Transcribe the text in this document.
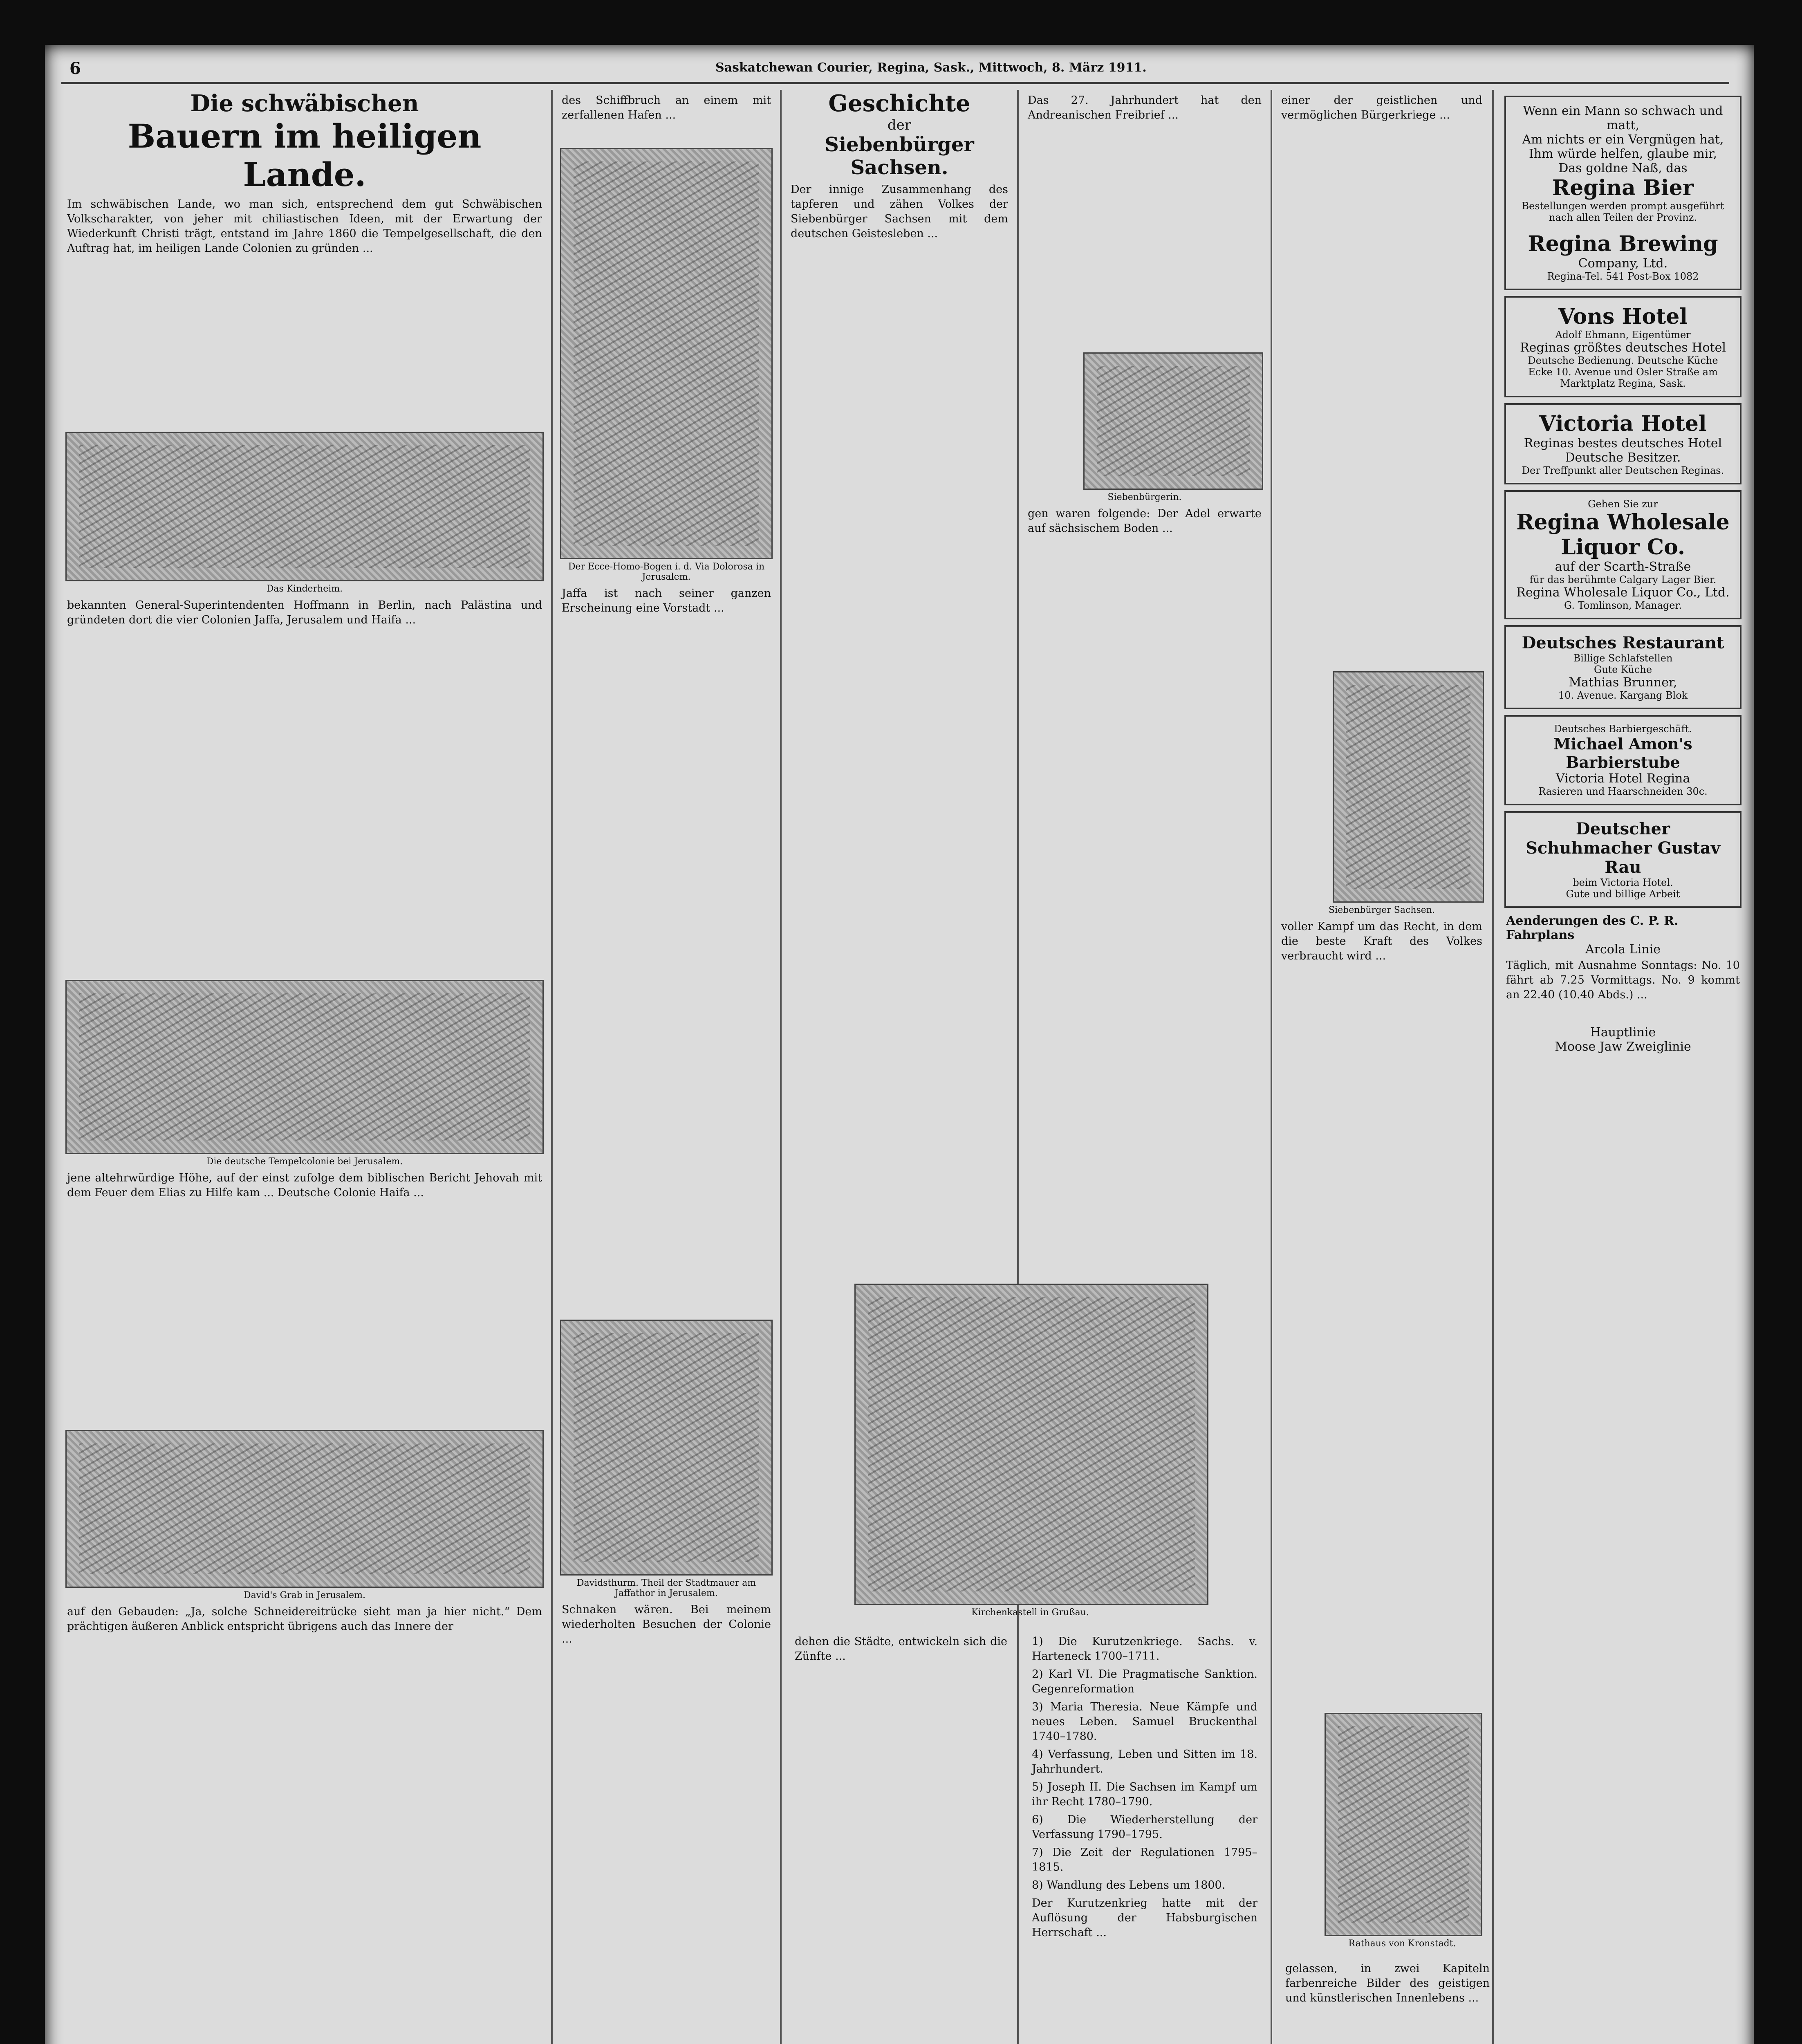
6	Saskatchewan Courier, Regina, Sask., Mittwoch, 8. März 1911.
Die schwäbischen
Bauern im heiligen Lande.
Im schwäbischen Lande, wo man sich, entsprechend dem gut Schwäbischen Volkscharakter, von jeher mit chiliastischen Ideen, mit der Erwartung der Wiederkunft Christi trägt, entstand im Jahre 1860 die Tempelgesellschaft, die den Auftrag hat, im heiligen Lande Colonien zu gründen ...
Das Kinderheim.
bekannten General-Superintendenten Hoffmann in Berlin, nach Palästina und gründeten dort die vier Colonien Jaffa, Jerusalem und Haifa ...
Die deutsche Tempelcolonie bei Jerusalem.
jene altehrwürdige Höhe, auf der einst zufolge dem biblischen Bericht Jehovah mit dem Feuer dem Elias zu Hilfe kam ... Deutsche Colonie Haifa ...
David's Grab in Jerusalem.
auf den Gebauden: „Ja, solche Schneidereitrücke sieht man ja hier nicht.“ Dem prächtigen äußeren Anblick entspricht übrigens auch das Innere der
des Schiffbruch an einem mit zerfallenen Hafen ...
Der Ecce-Homo-Bogen i. d. Via Dolorosa in Jerusalem.
Jaffa ist nach seiner ganzen Erscheinung eine Vorstadt ...
Davidsthurm. Theil der Stadtmauer am Jaffathor in Jerusalem.
Schnaken wären. Bei meinem wiederholten Besuchen der Colonie ...
Geschichte
der
Siebenbürger Sachsen.
Der innige Zusammenhang des tapferen und zähen Volkes der Siebenbürger Sachsen mit dem deutschen Geistesleben ...
Das 27. Jahrhundert hat den Andreanischen Freibrief ...
Siebenbürgerin.
gen waren folgende: Der Adel erwarte auf sächsischem Boden ...
Kirchenkastell in Grußau.
dehen die Städte, entwickeln sich die Zünfte ...
1) Die Kurutzenkriege. Sachs. v. Harteneck 1700–1711.
2) Karl VI. Die Pragmatische Sanktion. Gegenreformation
3) Maria Theresia. Neue Kämpfe und neues Leben. Samuel Bruckenthal 1740–1780.
4) Verfassung, Leben und Sitten im 18. Jahrhundert.
5) Joseph II. Die Sachsen im Kampf um ihr Recht 1780–1790.
6) Die Wiederherstellung der Verfassung 1790–1795.
7) Die Zeit der Regulationen 1795–1815.
8) Wandlung des Lebens um 1800.
Der Kurutzenkrieg hatte mit der Auflösung der Habsburgischen Herrschaft ...
einer der geistlichen und vermöglichen Bürgerkriege ...
Siebenbürger Sachsen.
voller Kampf um das Recht, in dem die beste Kraft des Volkes verbraucht wird ...
Rathaus von Kronstadt.
gelassen, in zwei Kapiteln farbenreiche Bilder des geistigen und künstlerischen Innenlebens ...
Wenn ein Mann so schwach und matt,
Am nichts er ein Vergnügen hat,
Ihm würde helfen, glaube mir,
Das goldne Naß, das
Regina Bier
Bestellungen werden prompt ausgeführt nach allen Teilen der Provinz.
Regina Brewing
Company, Ltd.
Regina-Tel. 541 Post-Box 1082
Vons Hotel
Adolf Ehmann, Eigentümer
Reginas größtes deutsches Hotel
Deutsche Bedienung. Deutsche Küche
Ecke 10. Avenue und Osler Straße am Marktplatz Regina, Sask.
Victoria Hotel
Reginas bestes deutsches Hotel
Deutsche Besitzer.
Der Treffpunkt aller Deutschen Reginas.
Gehen Sie zur
Regina Wholesale Liquor Co.
auf der Scarth-Straße
für das berühmte Calgary Lager Bier.
Regina Wholesale Liquor Co., Ltd.
G. Tomlinson, Manager.
Deutsches Restaurant
Billige Schlafstellen
Gute Küche
Mathias Brunner,
10. Avenue. Kargang Blok
Deutsches Barbiergeschäft.
Michael Amon's Barbierstube
Victoria Hotel Regina
Rasieren und Haarschneiden 30c.
Deutscher Schuhmacher Gustav Rau
beim Victoria Hotel.
Gute und billige Arbeit
Aenderungen des C. P. R. Fahrplans
Arcola Linie
Täglich, mit Ausnahme Sonntags: No. 10 fährt ab 7.25 Vormittags. No. 9 kommt an 22.40 (10.40 Abds.) ...
Hauptlinie
Moose Jaw Zweiglinie
